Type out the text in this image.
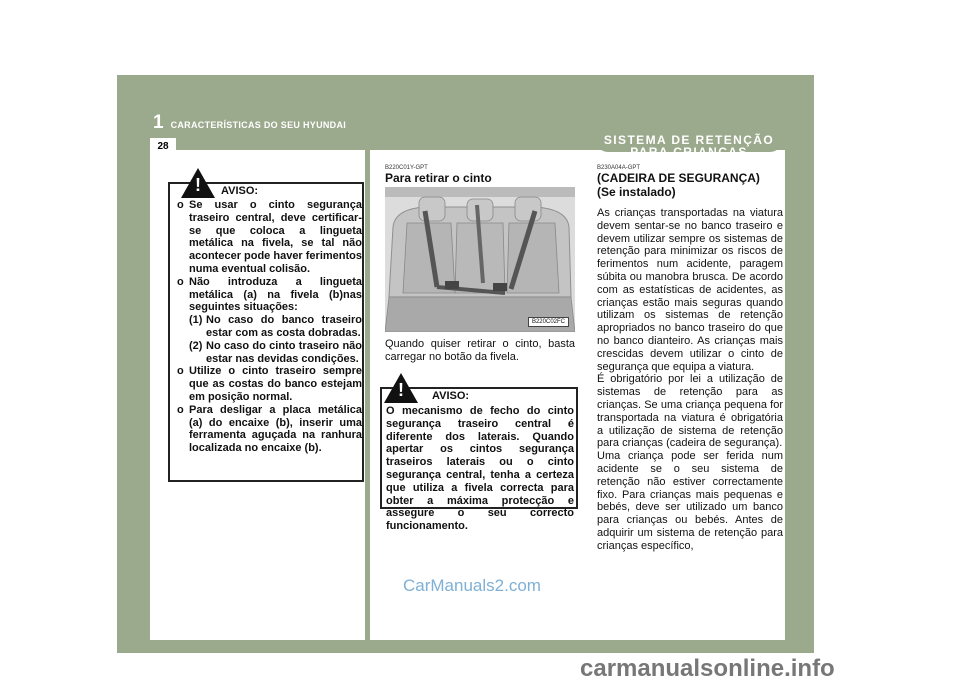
1 CARACTERÍSTICAS DO SEU HYUNDAI
28
! AVISO:
o Se usar o cinto segurança traseiro central, deve certificar-se que coloca a lingueta metálica na fivela, se tal não acontecer pode haver ferimentos numa eventual colisão.
o Não introduza a lingueta metálica (a) na fivela (b)nas seguintes situações:
(1) No caso do banco traseiro estar com as costa dobradas.
(2) No caso do cinto traseiro não estar nas devidas condições.
o Utilize o cinto traseiro sempre que as costas do banco estejam em posição normal.
o Para desligar a placa metálica (a) do encaixe (b), inserir uma ferramenta aguçada na ranhura localizada no encaixe (b).
B220C01Y-GPT
Para retirar o cinto
B220C02FC
Quando quiser retirar o cinto, basta carregar no botão da fivela.
!	AVISO:
O mecanismo de fecho do cinto segurança traseiro central é diferente dos laterais. Quando apertar os cintos segurança traseiros laterais ou o cinto segurança central, tenha a certeza que utiliza a fivela correcta para obter a máxima protecção e assegure o seu correcto funcionamento.
SISTEMA DE RETENÇÃO
PARA CRIANÇAS
B230A04A-GPT
(CADEIRA DE SEGURANÇA)
(Se instalado)

As crianças transportadas na viatura devem sentar-se no banco traseiro e devem utilizar sempre os sistemas de retenção para minimizar os riscos de ferimentos num acidente, paragem súbita ou manobra brusca. De acordo com as estatísticas de acidentes, as crianças estão mais seguras quando utilizam os sistemas de retenção apropriados no banco traseiro do que no banco dianteiro. As crianças mais crescidas devem utilizar o cinto de segurança que equipa a viatura.

É obrigatório por lei a utilização de sistemas de retenção para as crianças. Se uma criança pequena for transportada na viatura é obrigatória a utilização de sistema de retenção para crianças (cadeira de segurança).

Uma criança pode ser ferida num acidente se o seu sistema de retenção não estiver correctamente fixo. Para crianças mais pequenas e bebés, deve ser utilizado um banco para crianças ou bebés. Antes de adquirir um sistema de retenção para crianças específico,

CarManuals2.com
carmanualsonline.info
